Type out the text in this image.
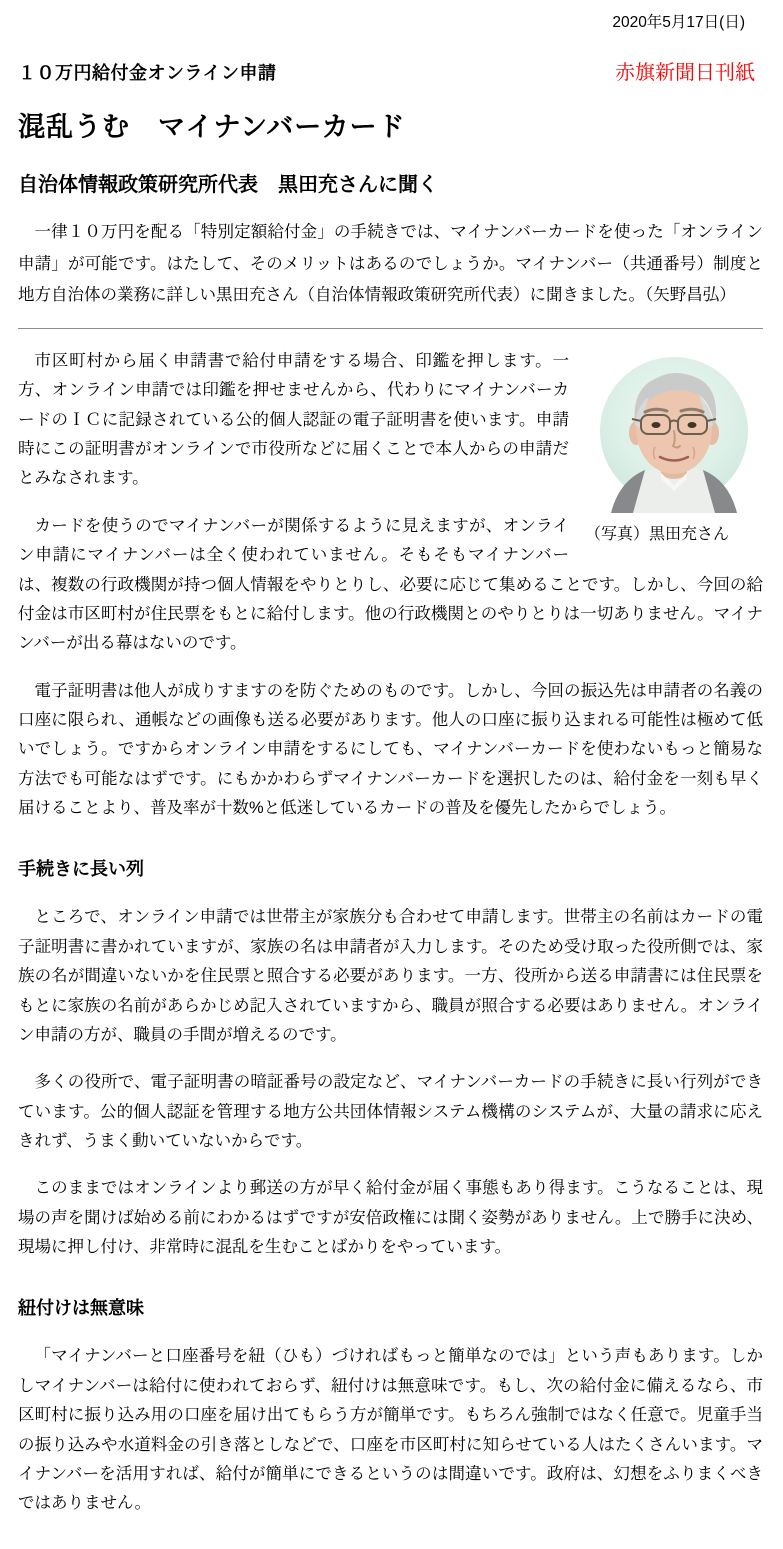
2020年5月17日(日)
１０万円給付金オンライン申請	赤旗新聞日刊紙
混乱うむ　マイナンバーカード
自治体情報政策研究所代表　黒田充さんに聞く

一律１０万円を配る「特別定額給付金」の手続きでは、マイナンバーカードを使った「オンライン申請」が可能です。はたして、そのメリットはあるのでしょうか。マイナンバー（共通番号）制度と地方自治体の業務に詳しい黒田充さん（自治体情報政策研究所代表）に聞きました。（矢野昌弘）

（写真）黒田充さん

市区町村から届く申請書で給付申請をする場合、印鑑を押します。一方、オンライン申請では印鑑を押せませんから、代わりにマイナンバーカードのＩＣに記録されている公的個人認証の電子証明書を使います。申請時にこの証明書がオンラインで市役所などに届くことで本人からの申請だとみなされます。

カードを使うのでマイナンバーが関係するように見えますが、オンライン申請にマイナンバーは全く使われていません。そもそもマイナンバーは、複数の行政機関が持つ個人情報をやりとりし、必要に応じて集めることです。しかし、今回の給付金は市区町村が住民票をもとに給付します。他の行政機関とのやりとりは一切ありません。マイナンバーが出る幕はないのです。

電子証明書は他人が成りすますのを防ぐためのものです。しかし、今回の振込先は申請者の名義の口座に限られ、通帳などの画像も送る必要があります。他人の口座に振り込まれる可能性は極めて低いでしょう。ですからオンライン申請をするにしても、マイナンバーカードを使わないもっと簡易な方法でも可能なはずです。にもかかわらずマイナンバーカードを選択したのは、給付金を一刻も早く届けることより、普及率が十数%と低迷しているカードの普及を優先したからでしょう。

手続きに長い列

ところで、オンライン申請では世帯主が家族分も合わせて申請します。世帯主の名前はカードの電子証明書に書かれていますが、家族の名は申請者が入力します。そのため受け取った役所側では、家族の名が間違いないかを住民票と照合する必要があります。一方、役所から送る申請書には住民票をもとに家族の名前があらかじめ記入されていますから、職員が照合する必要はありません。オンライン申請の方が、職員の手間が増えるのです。

多くの役所で、電子証明書の暗証番号の設定など、マイナンバーカードの手続きに長い行列ができています。公的個人認証を管理する地方公共団体情報システム機構のシステムが、大量の請求に応えきれず、うまく動いていないからです。

このままではオンラインより郵送の方が早く給付金が届く事態もあり得ます。こうなることは、現場の声を聞けば始める前にわかるはずですが安倍政権には聞く姿勢がありません。上で勝手に決め、現場に押し付け、非常時に混乱を生むことばかりをやっています。

紐付けは無意味

「マイナンバーと口座番号を紐（ひも）づければもっと簡単なのでは」という声もあります。しかしマイナンバーは給付に使われておらず、紐付けは無意味です。もし、次の給付金に備えるなら、市区町村に振り込み用の口座を届け出てもらう方が簡単です。もちろん強制ではなく任意で。児童手当の振り込みや水道料金の引き落としなどで、口座を市区町村に知らせている人はたくさんいます。マイナンバーを活用すれば、給付が簡単にできるというのは間違いです。政府は、幻想をふりまくべきではありません。
